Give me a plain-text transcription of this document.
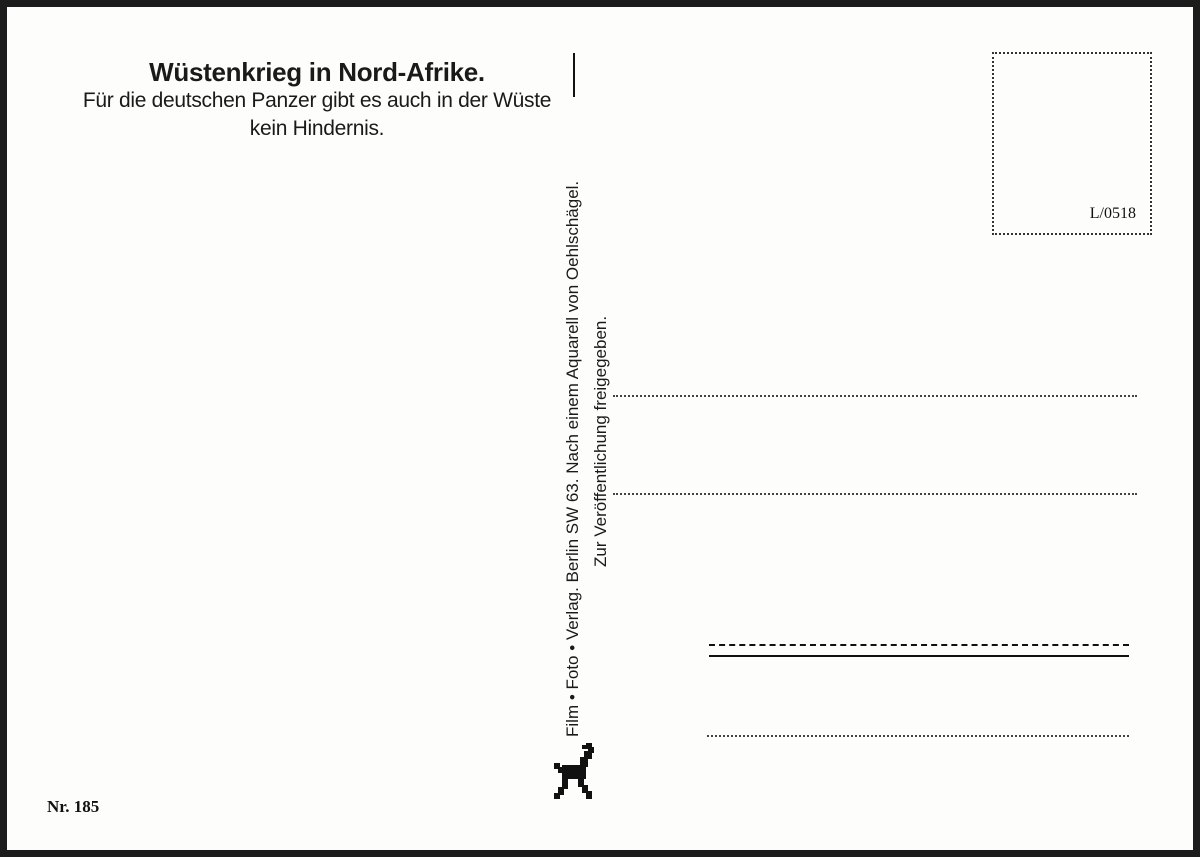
Wüstenkrieg in Nord-Afrike.
Für die deutschen Panzer gibt es auch in der Wüste
kein Hindernis.
Nr. 185
Film • Foto • Verlag. Berlin SW 63. Nach einem Aquarell von Oehlschägel. Zur Veröffentlichung freigegeben.
L/0518
